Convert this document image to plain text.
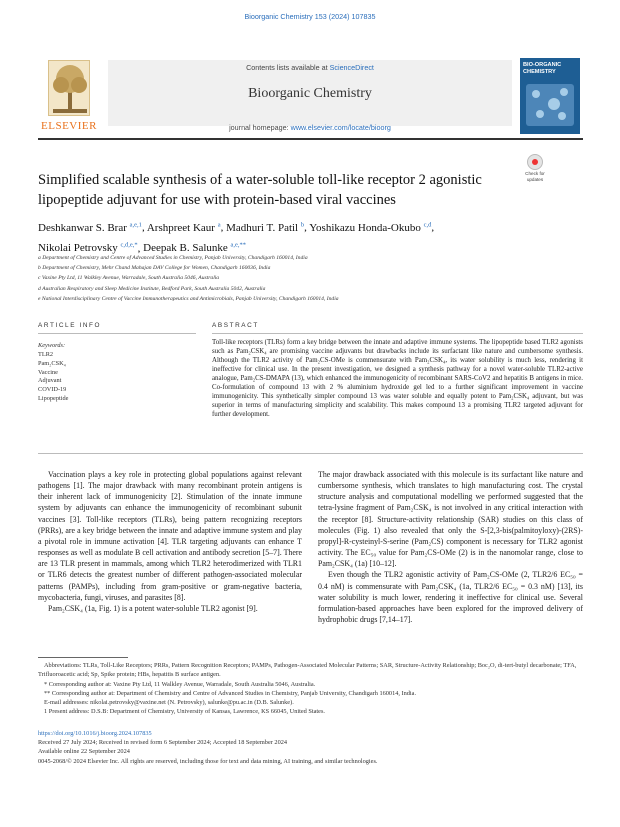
Bioorganic Chemistry 153 (2024) 107835
Contents lists available at ScienceDirect
Bioorganic Chemistry
journal homepage: www.elsevier.com/locate/bioorg
ELSEVIER
BIO-ORGANIC CHEMISTRY
Simplified scalable synthesis of a water-soluble toll-like receptor 2 agonistic lipopeptide adjuvant for use with protein-based viral vaccines
Check for updates
Deshkanwar S. Brar $^{a,e,1}$, Arshpreet Kaur $^a$, Madhuri T. Patil $^b$, Yoshikazu Honda-Okubo $^{c,d}$,
Nikolai Petrovsky $^{c,d,e,*}$, Deepak B. Salunke $^{a,e,**}$
a Department of Chemistry and Centre of Advanced Studies in Chemistry, Panjab University, Chandigarh 160014, India
b Department of Chemistry, Mehr Chand Mahajan DAV College for Women, Chandigarh 160036, India
c Vaxine Pty Ltd, 11 Walkley Avenue, Warradale, South Australia 5046, Australia
d Australian Respiratory and Sleep Medicine Institute, Bedford Park, South Australia 5042, Australia
e National Interdisciplinary Centre of Vaccine Immunotherapeutics and Antimicrobials, Panjab University, Chandigarh 160014, India
ARTICLE INFO	ABSTRACT
Keywords:
TLR2
Pam₂CSK₄
Vaccine
Adjuvant
COVID-19
Lipopeptide
Toll-like receptors (TLRs) form a key bridge between the innate and adaptive immune systems. The lipopeptide based TLR2 agonists such as Pam₂CSK₄ are promising vaccine adjuvants but drawbacks include its surfactant like nature and cumbersome synthesis. Although the TLR2 activity of Pam₂CS-OMe is commensurate with Pam₂CSK₄, its water solubility is much less, rendering it ineffective for clinical use. In the present investigation, we designed a synthesis pathway for a novel water-soluble TLR2-active analogue, Pam₂CS-DMAPA (13), which enhanced the immunogenicity of recombinant SARS-CoV2 and hepatitis B antigens in mice. Co-formulation of compound 13 with 2 % aluminium hydroxide gel led to a further significant improvement in vaccine immunogenicity. This synthetically simpler compound 13 was water soluble and equally potent to Pam₂CSK₄ adjuvant, but was superior in terms of manufacturing simplicity and scalability. This makes compound 13 a promising TLR2 targeted adjuvant for further development.

Vaccination plays a key role in protecting global populations against relevant pathogens [1]. The major drawback with many recombinant protein antigens is their inherent lack of immunogenicity [2]. Stimulation of the innate immune system by adjuvants can enhance the immunogenicity of recombinant subunit vaccines [3]. Toll-like receptors (TLRs), being pattern recognizing receptors (PRRs), are a key bridge between the innate and adaptive immune system and play a pivotal role in immune activation [4]. TLR targeting adjuvants can enhance T responses as well as modulate B cell activation and antibody secretion [5–7]. There are 13 TLR present in mammals, among which TLR2 heterodimerized with TLR1 or TLR6 detects the greatest number of different pathogen-associated molecular patterns (PAMPs), including from gram-positive or gram-negative bacteria, mycobacteria, fungi, viruses, and parasites [8].

Pam₂CSK₄ (1a, Fig. 1) is a potent water-soluble TLR2 agonist [9].

The major drawback associated with this molecule is its surfactant like nature and cumbersome synthesis, which translates to high manufacturing cost. The crystal structure analysis and computational modelling we performed suggested that the tetra-lysine fragment of Pam₂CSK₄ is not involved in any critical interaction with the receptor [8]. Structure-activity relationship (SAR) studies on this class of molecules (Fig. 1) also revealed that only the S-[2,3-bis(palmitoyloxy)-(2RS)-propyl]-R-cysteinyl-S-serine (Pam₂CS) component is necessary for TLR2 agonist activity. The EC₅₀ value for Pam₂CS-OMe (2) is in the nanomolar range, close to Pam₂CSK₄ (1a) [10–12].

Even though the TLR2 agonistic activity of Pam₂CS-OMe (2, TLR2/6 EC₅₀ = 0.4 nM) is commensurate with Pam₂CSK₄ (1a, TLR2/6 EC₅₀ = 0.3 nM) [13], its water solubility is much lower, rendering it ineffective for clinical use. Several formulation-based approaches have been explored for the improved delivery of hydrophobic drugs [7,14–17].

Abbreviations: TLRs, Toll-Like Receptors; PRRs, Pattern Recognition Receptors; PAMPs, Pathogen-Associated Molecular Patterns; SAR, Structure-Activity Relationship; Boc₂O, di-tert-butyl decarbonate; TFA, Trifluoroacetic acid; Sp, Spike protein; HBs, hepatitis B surface antigen.
* Corresponding author at: Vaxine Pty Ltd, 11 Walkley Avenue, Warradale, South Australia 5046, Australia.
** Corresponding author at: Department of Chemistry and Centre of Advanced Studies in Chemistry, Panjab University, Chandigarh 160014, India.
E-mail addresses: nikolai.petrovsky@vaxine.net (N. Petrovsky), salunke@pu.ac.in (D.B. Salunke).
1 Present address: D.S.B: Department of Chemistry, University of Kansas, Lawrence, KS 66045, United States.
https://doi.org/10.1016/j.bioorg.2024.107835
Received 27 July 2024; Received in revised form 6 September 2024; Accepted 18 September 2024
Available online 22 September 2024
0045-2068/© 2024 Elsevier Inc. All rights are reserved, including those for text and data mining, AI training, and similar technologies.
